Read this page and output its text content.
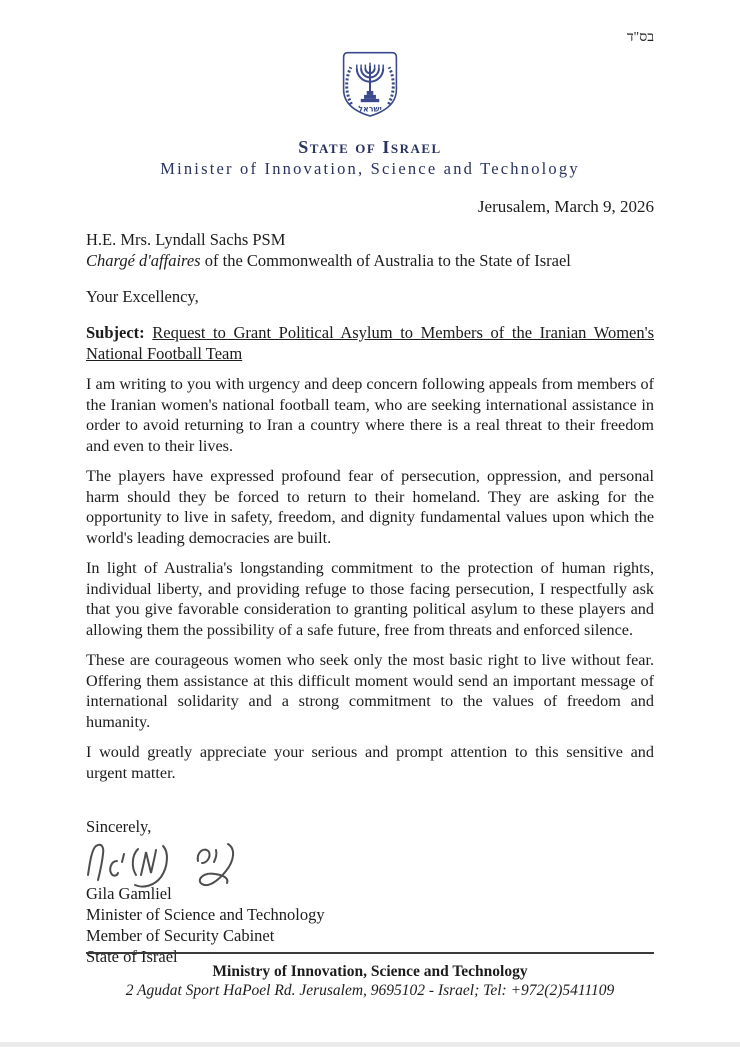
בס"ד
ישראל
State of Israel
Minister of Innovation, Science and Technology
Jerusalem, March 9, 2026
H.E. Mrs. Lyndall Sachs PSM
Chargé d'affaires of the Commonwealth of Australia to the State of Israel
Your Excellency,
Subject: Request to Grant Political Asylum to Members of the Iranian Women's National Football Team

I am writing to you with urgency and deep concern following appeals from members of the Iranian women's national football team, who are seeking international assistance in order to avoid returning to Iran a country where there is a real threat to their freedom and even to their lives.

The players have expressed profound fear of persecution, oppression, and personal harm should they be forced to return to their homeland. They are asking for the opportunity to live in safety, freedom, and dignity fundamental values upon which the world's leading democracies are built.

In light of Australia's longstanding commitment to the protection of human rights, individual liberty, and providing refuge to those facing persecution, I respectfully ask that you give favorable consideration to granting political asylum to these players and allowing them the possibility of a safe future, free from threats and enforced silence.

These are courageous women who seek only the most basic right to live without fear. Offering them assistance at this difficult moment would send an important message of international solidarity and a strong commitment to the values of freedom and humanity.

I would greatly appreciate your serious and prompt attention to this sensitive and urgent matter.

Sincerely,
Gila Gamliel
Minister of Science and Technology
Member of Security Cabinet
State of Israel
Ministry of Innovation, Science and Technology
2 Agudat Sport HaPoel Rd. Jerusalem, 9695102 - Israel; Tel: +972(2)5411109
